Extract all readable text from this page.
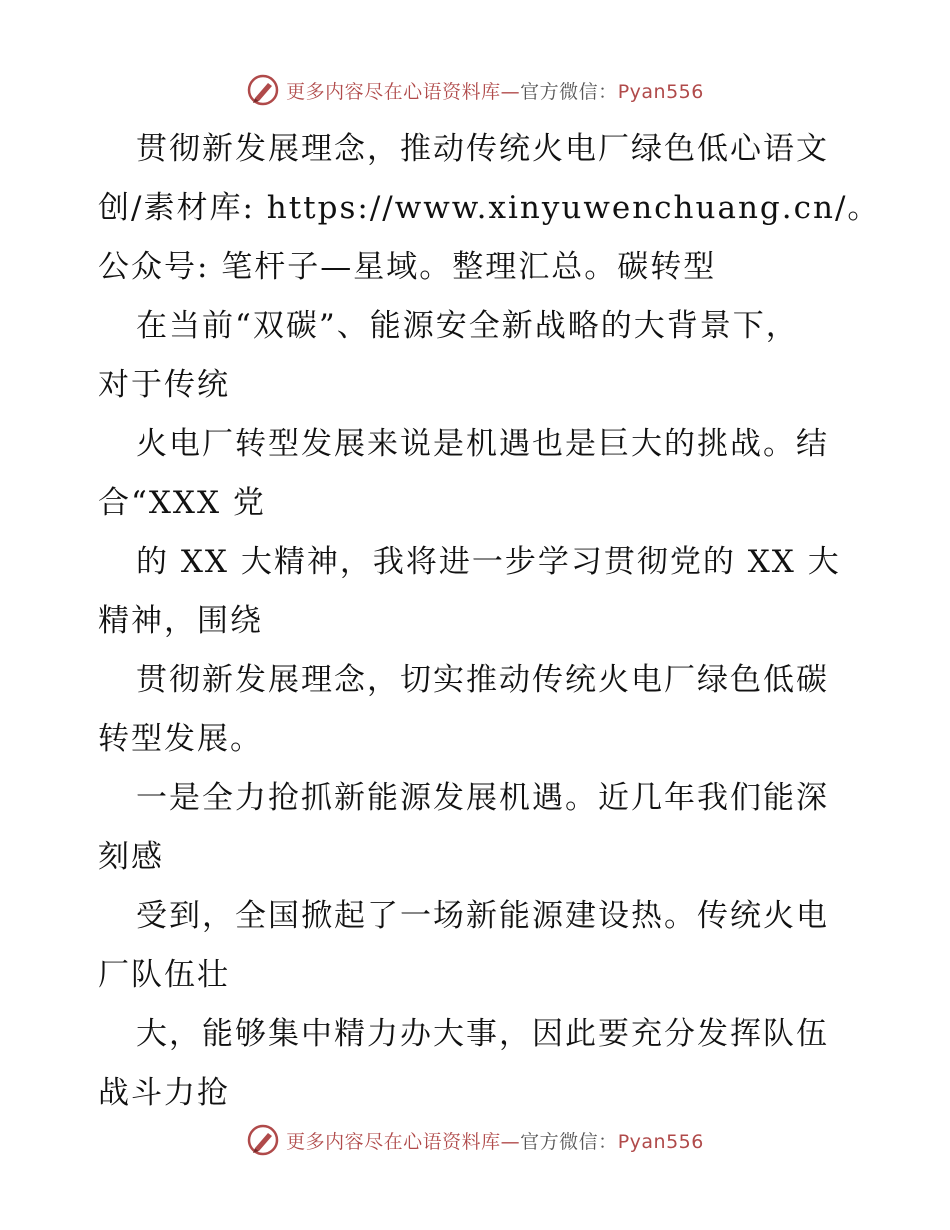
更多内容尽在心语资料库—官方微信：Pyan556
贯彻新发展理念，推动传统火电厂绿色低心语文
创/素材库: https://www.xinyuwenchuang.cn/。
公众号: 笔杆子—星域。整理汇总。碳转型
在当前“双碳”、能源安全新战略的大背景下，
对于传统
火电厂转型发展来说是机遇也是巨大的挑战。结
合“XXX 党
的 XX 大精神，我将进一步学习贯彻党的 XX 大
精神，围绕
贯彻新发展理念，切实推动传统火电厂绿色低碳
转型发展。
一是全力抢抓新能源发展机遇。近几年我们能深
刻感
受到，全国掀起了一场新能源建设热。传统火电
厂队伍壮
大，能够集中精力办大事，因此要充分发挥队伍
战斗力抢
更多内容尽在心语资料库—官方微信：Pyan556
